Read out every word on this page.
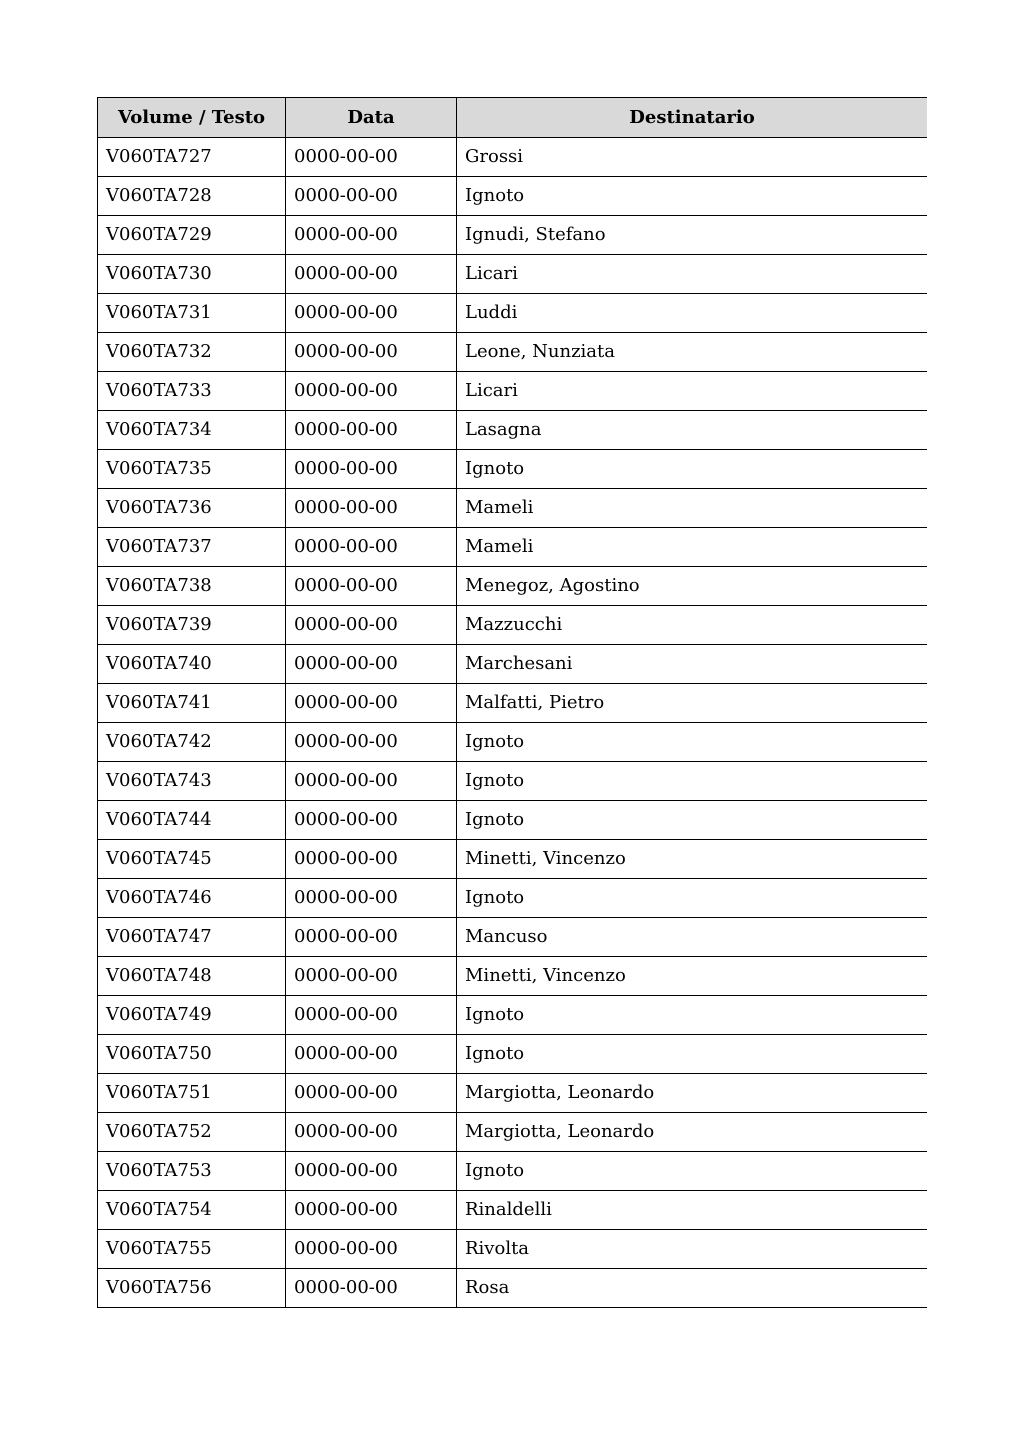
Volume / Testo	Data	Destinatario
V060TA727	0000-00-00	Grossi
V060TA728	0000-00-00	Ignoto
V060TA729	0000-00-00	Ignudi, Stefano
V060TA730	0000-00-00	Licari
V060TA731	0000-00-00	Luddi
V060TA732	0000-00-00	Leone, Nunziata
V060TA733	0000-00-00	Licari
V060TA734	0000-00-00	Lasagna
V060TA735	0000-00-00	Ignoto
V060TA736	0000-00-00	Mameli
V060TA737	0000-00-00	Mameli
V060TA738	0000-00-00	Menegoz, Agostino
V060TA739	0000-00-00	Mazzucchi
V060TA740	0000-00-00	Marchesani
V060TA741	0000-00-00	Malfatti, Pietro
V060TA742	0000-00-00	Ignoto
V060TA743	0000-00-00	Ignoto
V060TA744	0000-00-00	Ignoto
V060TA745	0000-00-00	Minetti, Vincenzo
V060TA746	0000-00-00	Ignoto
V060TA747	0000-00-00	Mancuso
V060TA748	0000-00-00	Minetti, Vincenzo
V060TA749	0000-00-00	Ignoto
V060TA750	0000-00-00	Ignoto
V060TA751	0000-00-00	Margiotta, Leonardo
V060TA752	0000-00-00	Margiotta, Leonardo
V060TA753	0000-00-00	Ignoto
V060TA754	0000-00-00	Rinaldelli
V060TA755	0000-00-00	Rivolta
V060TA756	0000-00-00	Rosa
